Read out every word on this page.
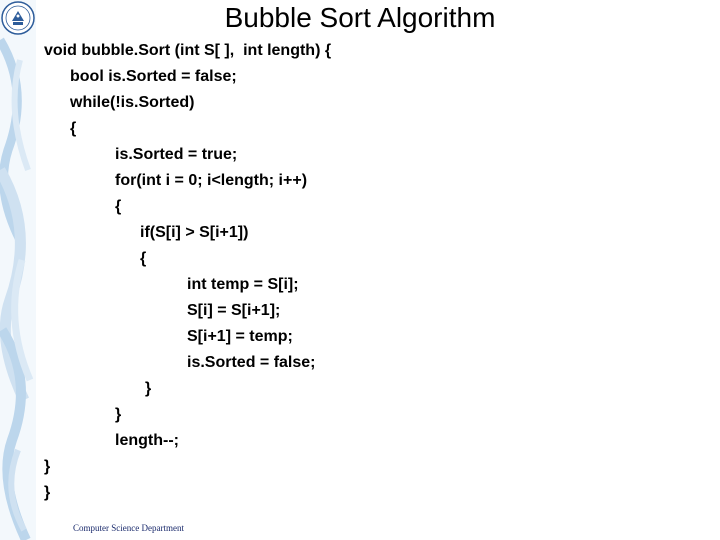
Bubble Sort Algorithm
void bubble.Sort (int S[ ],  int length) {
bool is.Sorted = false;
while(!is.Sorted)
{
is.Sorted = true;
for(int i = 0; i<length; i++)
{
if(S[i] > S[i+1])
{
int temp = S[i];
S[i] = S[i+1];
S[i+1] = temp;
is.Sorted = false;
}
}
length--;
}
}
Computer Science Department
